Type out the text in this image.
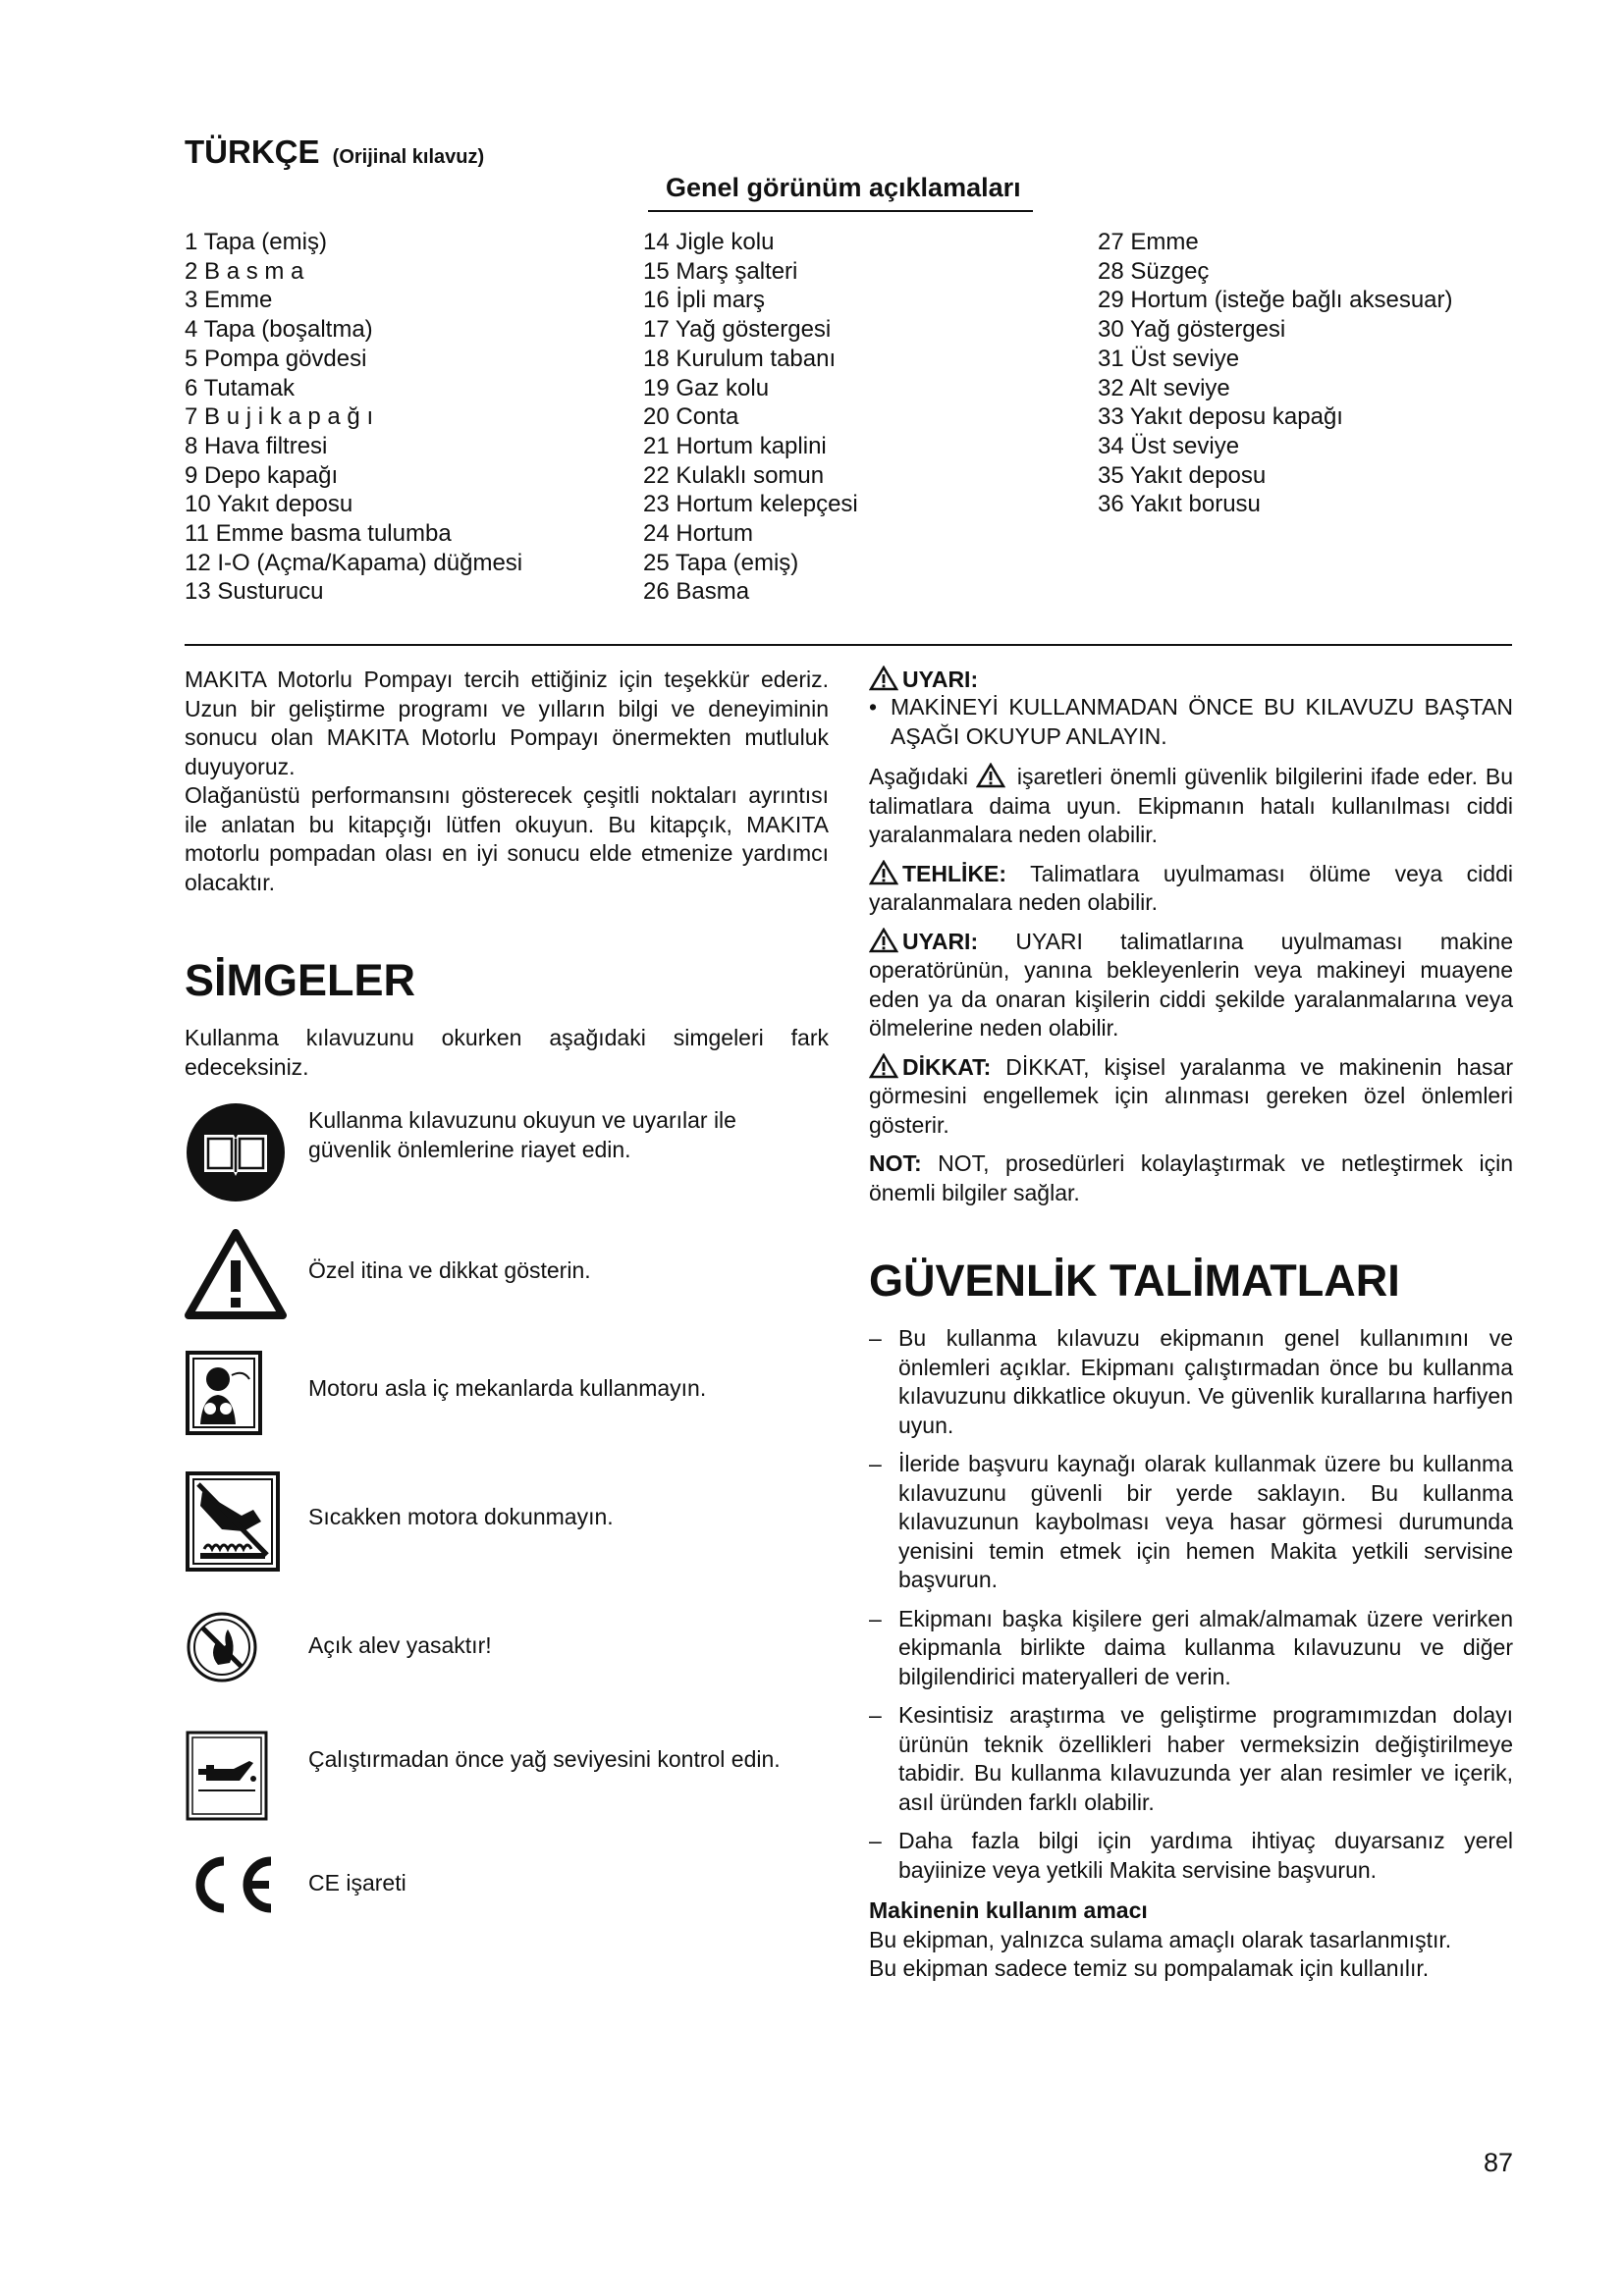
TÜRKÇE (Orijinal kılavuz)
Genel görünüm açıklamaları
1 Tapa (emiş)
2 B a s m a
3 Emme
4 Tapa (boşaltma)
5 Pompa gövdesi
6 Tutamak
7 B u j i k a p a ğ ı
8 Hava filtresi
9 Depo kapağı
10 Yakıt deposu
11 Emme basma tulumba
12 I-O (Açma/Kapama) düğmesi
13 Susturucu
14 Jigle kolu
15 Marş şalteri
16 İpli marş
17 Yağ göstergesi
18 Kurulum tabanı
19 Gaz kolu
20 Conta
21 Hortum kaplini
22 Kulaklı somun
23 Hortum kelepçesi
24 Hortum
25 Tapa (emiş)
26 Basma
27 Emme
28 Süzgeç
29 Hortum (isteğe bağlı aksesuar)
30 Yağ göstergesi
31 Üst seviye
32 Alt seviye
33 Yakıt deposu kapağı
34 Üst seviye
35 Yakıt deposu
36 Yakıt borusu

MAKITA Motorlu Pompayı tercih ettiğiniz için teşekkür ederiz. Uzun bir geliştirme programı ve yılların bilgi ve deneyiminin sonucu olan MAKITA Motorlu Pompayı önermekten mutluluk duyuyoruz.

Olağanüstü performansını gösterecek çeşitli noktaları ayrıntısı ile anlatan bu kitapçığı lütfen okuyun. Bu kitapçık, MAKITA motorlu pompadan olası en iyi sonucu elde etmenize yardımcı olacaktır.

SİMGELER

Kullanma kılavuzunu okurken aşağıdaki simgeleri fark edeceksiniz.

Kullanma kılavuzunu okuyun ve uyarılar ile güvenlik önlemlerine riayet edin.
Özel itina ve dikkat gösterin.
Motoru asla iç mekanlarda kullanmayın.
Sıcakken motora dokunmayın.
Açık alev yasaktır!
Çalıştırmadan önce yağ seviyesini kontrol edin.
CE işareti
UYARI:
• MAKİNEYİ KULLANMADAN ÖNCE BU KILAVUZU BAŞTAN AŞAĞI OKUYUP ANLAYIN.

Aşağıdaki işaretleri önemli güvenlik bilgilerini ifade eder. Bu talimatlara daima uyun. Ekipmanın hatalı kullanılması ciddi yaralanmalara neden olabilir.

TEHLİKE: Talimatlara uyulmaması ölüme veya ciddi yaralanmalara neden olabilir.

UYARI: UYARI talimatlarına uyulmaması makine operatörünün, yanına bekleyenlerin veya makineyi muayene eden ya da onaran kişilerin ciddi şekilde yaralanmalarına veya ölmelerine neden olabilir.

DİKKAT: DİKKAT, kişisel yaralanma ve makinenin hasar görmesini engellemek için alınması gereken özel önlemleri gösterir.

NOT: NOT, prosedürleri kolaylaştırmak ve netleştirmek için önemli bilgiler sağlar.

GÜVENLİK TALİMATLARI
– Bu kullanma kılavuzu ekipmanın genel kullanımını ve önlemleri açıklar. Ekipmanı çalıştırmadan önce bu kullanma kılavuzunu dikkatlice okuyun. Ve güvenlik kurallarına harfiyen uyun.
– İleride başvuru kaynağı olarak kullanmak üzere bu kullanma kılavuzunu güvenli bir yerde saklayın. Bu kullanma kılavuzunun kaybolması veya hasar görmesi durumunda yenisini temin etmek için hemen Makita yetkili servisine başvurun.
– Ekipmanı başka kişilere geri almak/almamak üzere verirken ekipmanla birlikte daima kullanma kılavuzunu ve diğer bilgilendirici materyalleri de verin.
– Kesintisiz araştırma ve geliştirme programımızdan dolayı ürünün teknik özellikleri haber vermeksizin değiştirilmeye tabidir. Bu kullanma kılavuzunda yer alan resimler ve içerik, asıl üründen farklı olabilir.
– Daha fazla bilgi için yardıma ihtiyaç duyarsanız yerel bayiinize veya yetkili Makita servisine başvurun.
Makinenin kullanım amacı

Bu ekipman, yalnızca sulama amaçlı olarak tasarlanmıştır.

Bu ekipman sadece temiz su pompalamak için kullanılır.

87
